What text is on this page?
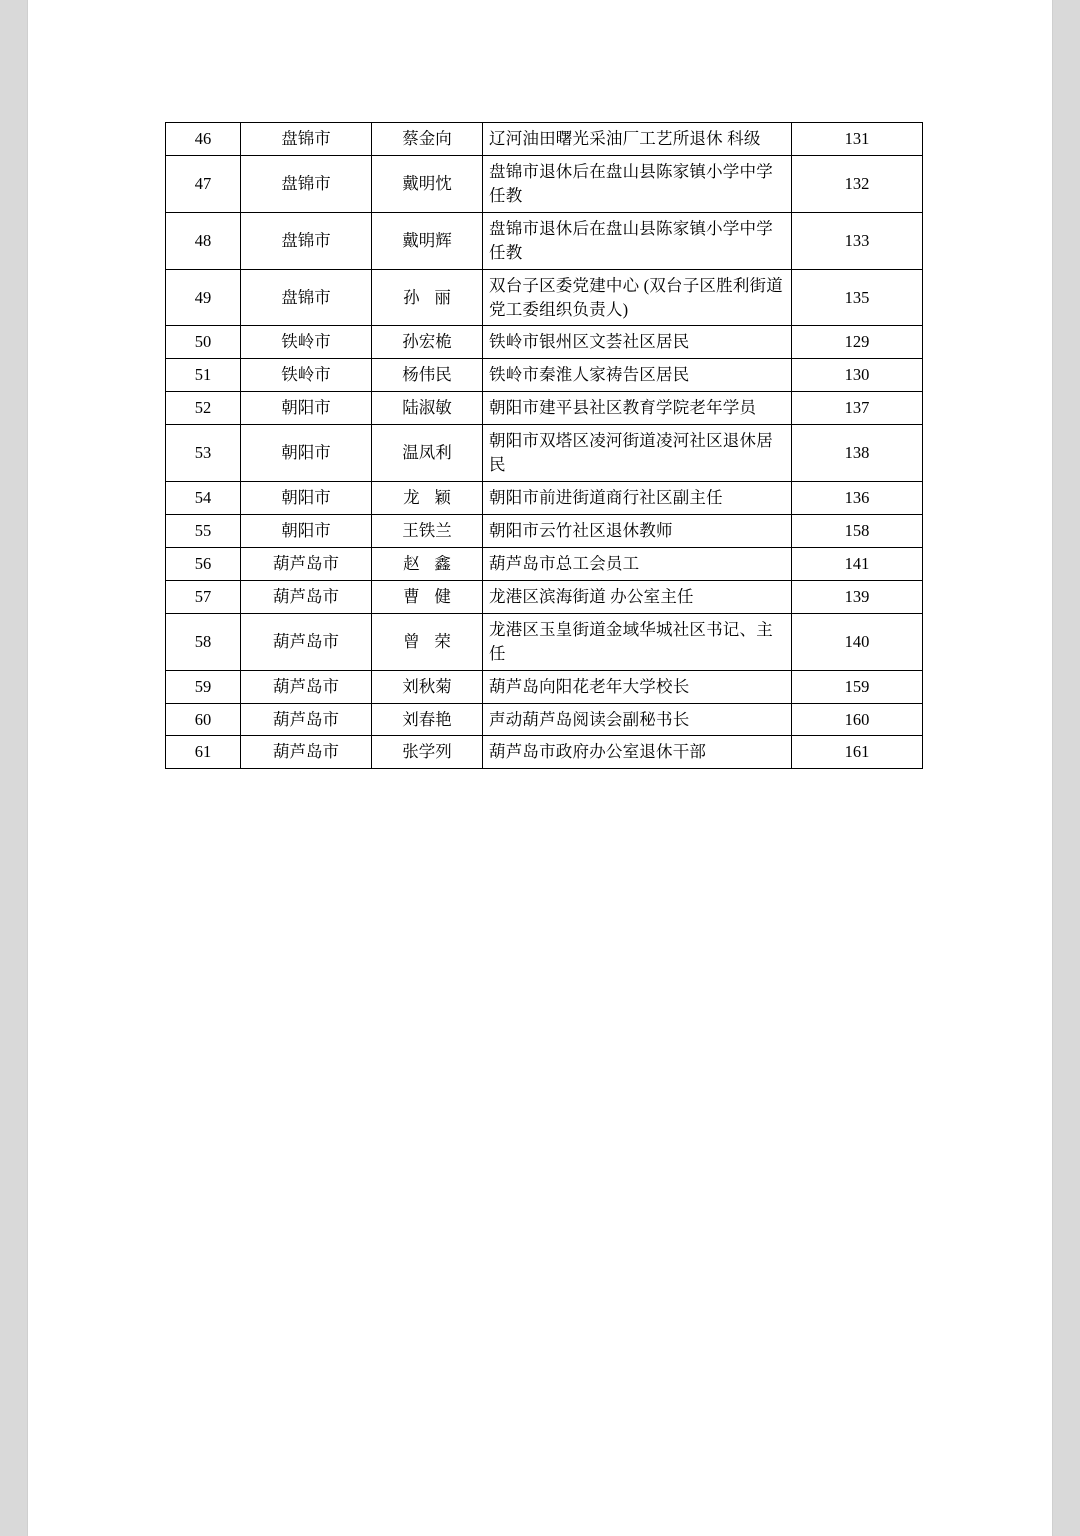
46	盘锦市	蔡金向	辽河油田曙光采油厂工艺所退休 科级	131
47	盘锦市	戴明忱	盘锦市退休后在盘山县陈家镇小学中学任教	132
48	盘锦市	戴明辉	盘锦市退休后在盘山县陈家镇小学中学任教	133
49	盘锦市	孙丽	双台子区委党建中心 (双台子区胜利街道党工委组织负责人)	135
50	铁岭市	孙宏桅	铁岭市银州区文荟社区居民	129
51	铁岭市	杨伟民	铁岭市秦淮人家祷告区居民	130
52	朝阳市	陆淑敏	朝阳市建平县社区教育学院老年学员	137
53	朝阳市	温凤利	朝阳市双塔区凌河街道凌河社区退休居民	138
54	朝阳市	龙颖	朝阳市前进街道商行社区副主任	136
55	朝阳市	王铁兰	朝阳市云竹社区退休教师	158
56	葫芦岛市	赵鑫	葫芦岛市总工会员工	141
57	葫芦岛市	曹健	龙港区滨海街道 办公室主任	139
58	葫芦岛市	曾荣	龙港区玉皇街道金域华城社区书记、主任	140
59	葫芦岛市	刘秋菊	葫芦岛向阳花老年大学校长	159
60	葫芦岛市	刘春艳	声动葫芦岛阅读会副秘书长	160
61	葫芦岛市	张学列	葫芦岛市政府办公室退休干部	161
